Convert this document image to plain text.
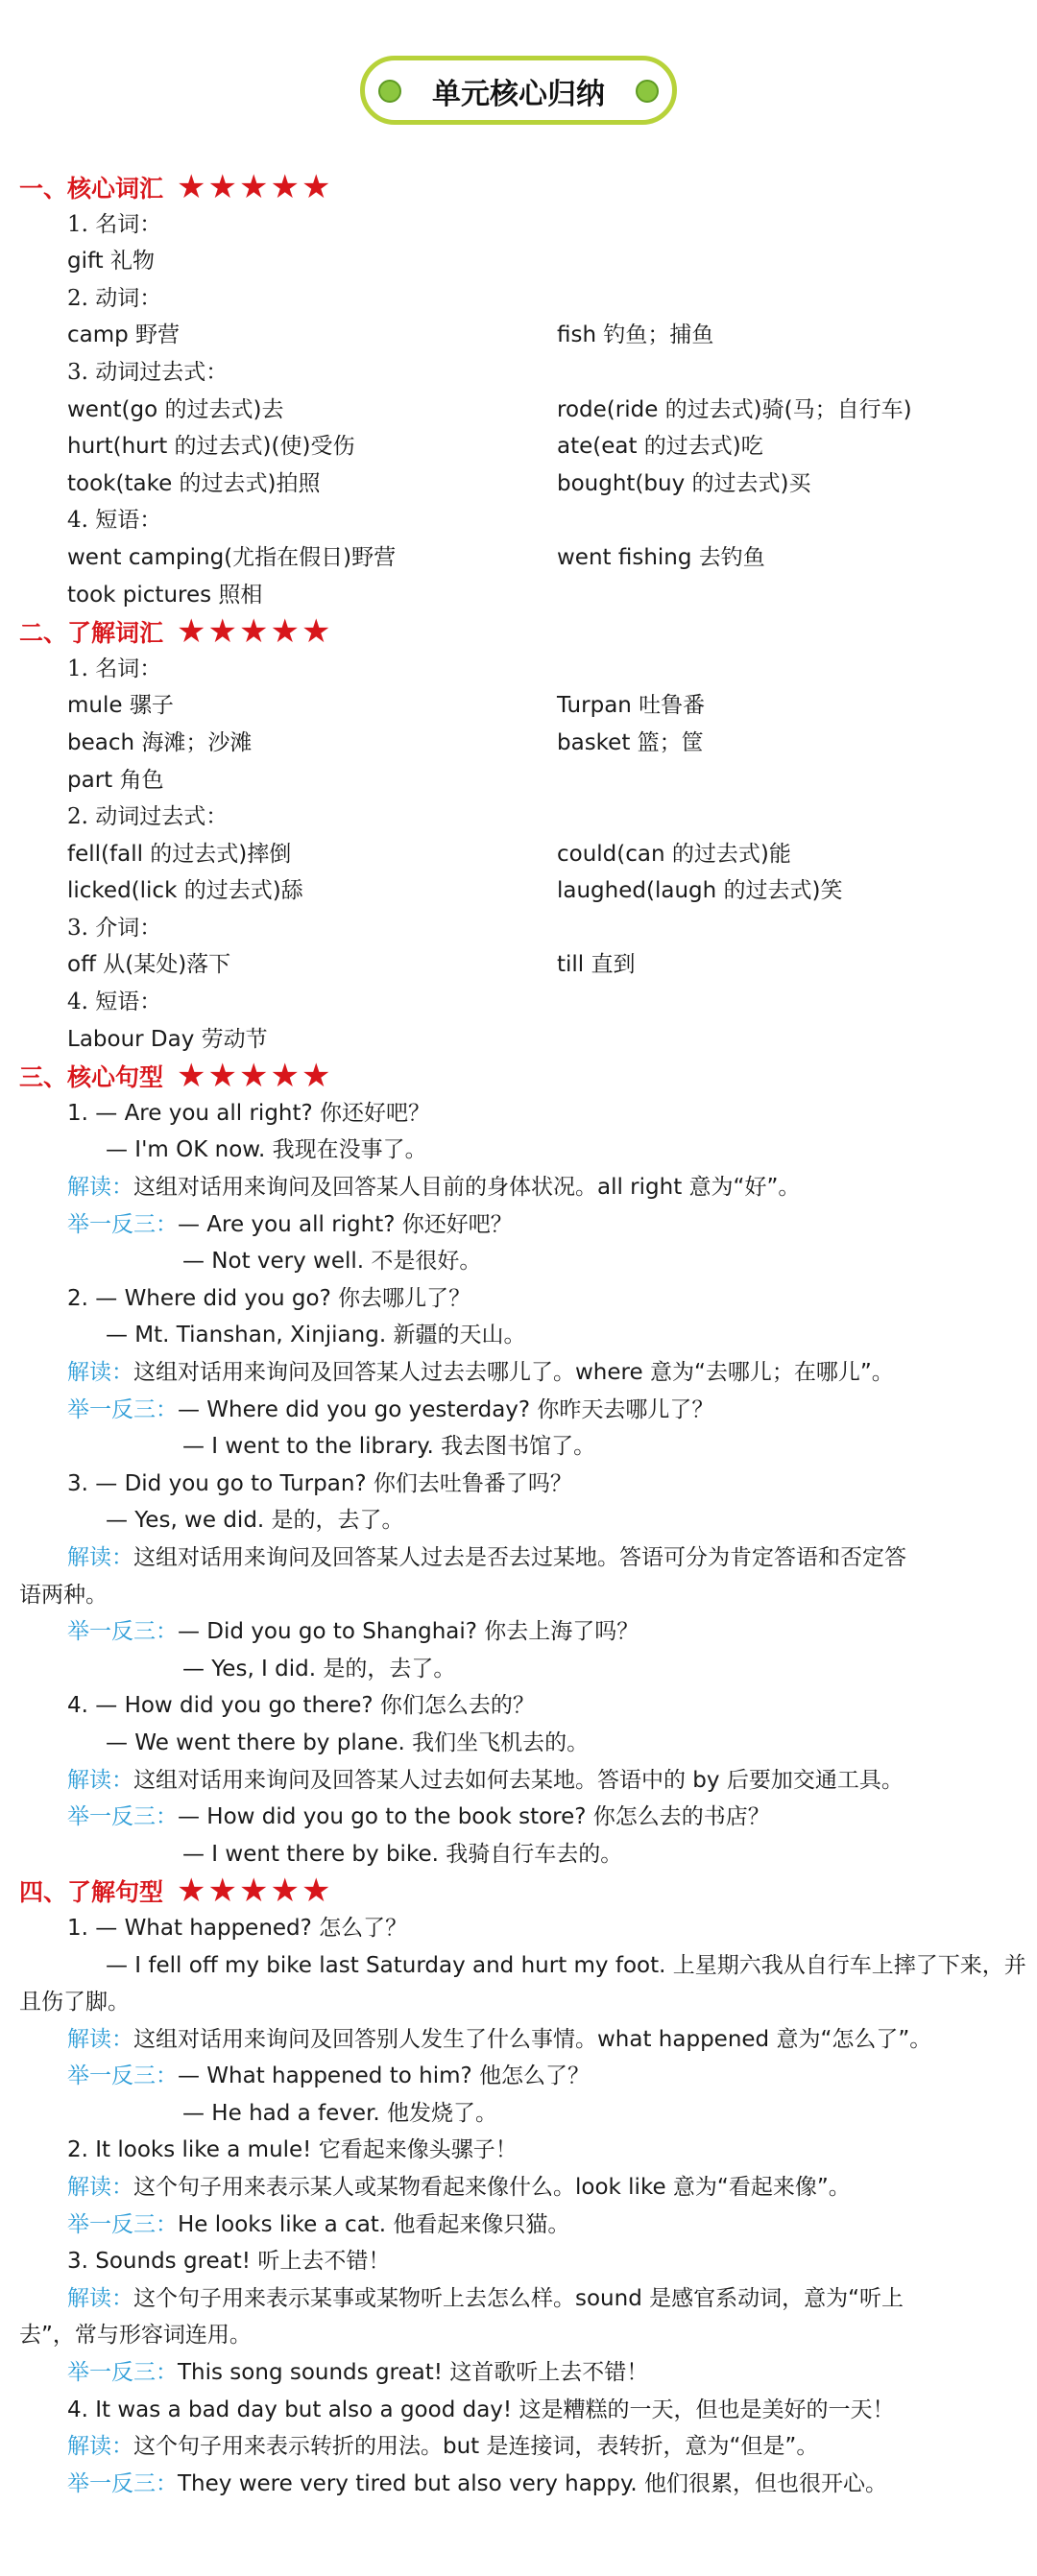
单元核心归纳
一、核心词汇 ★★★★★
1. 名词：
gift 礼物
2. 动词：
camp 野营	fish 钓鱼；捕鱼
3. 动词过去式：
went(go 的过去式)去	rode(ride 的过去式)骑(马；自行车)
hurt(hurt 的过去式)(使)受伤	ate(eat 的过去式)吃
took(take 的过去式)拍照	bought(buy 的过去式)买
4. 短语：
went camping(尤指在假日)野营	went fishing 去钓鱼
took pictures 照相
二、了解词汇 ★★★★★
1. 名词：
mule 骡子	Turpan 吐鲁番
beach 海滩；沙滩	basket 篮；筐
part 角色
2. 动词过去式：
fell(fall 的过去式)摔倒	could(can 的过去式)能
licked(lick 的过去式)舔	laughed(laugh 的过去式)笑
3. 介词：
off 从(某处)落下	till 直到
4. 短语：
Labour Day 劳动节
三、核心句型 ★★★★★
1. — Are you all right? 你还好吧？
— I'm OK now. 我现在没事了。
解读：这组对话用来询问及回答某人目前的身体状况。all right 意为“好”。
举一反三：— Are you all right? 你还好吧？
— Not very well. 不是很好。
2. — Where did you go? 你去哪儿了？
— Mt. Tianshan, Xinjiang. 新疆的天山。
解读：这组对话用来询问及回答某人过去去哪儿了。where 意为“去哪儿；在哪儿”。
举一反三：— Where did you go yesterday? 你昨天去哪儿了？
— I went to the library. 我去图书馆了。
3. — Did you go to Turpan? 你们去吐鲁番了吗？
— Yes, we did. 是的，去了。
解读：这组对话用来询问及回答某人过去是否去过某地。答语可分为肯定答语和否定答
语两种。
举一反三：— Did you go to Shanghai? 你去上海了吗？
— Yes, I did. 是的，去了。
4. — How did you go there? 你们怎么去的？
— We went there by plane. 我们坐飞机去的。
解读：这组对话用来询问及回答某人过去如何去某地。答语中的 by 后要加交通工具。
举一反三：— How did you go to the book store? 你怎么去的书店？
— I went there by bike. 我骑自行车去的。
四、了解句型 ★★★★★
1. — What happened? 怎么了？
— I fell off my bike last Saturday and hurt my foot. 上星期六我从自行车上摔了下来，并
且伤了脚。
解读：这组对话用来询问及回答别人发生了什么事情。what happened 意为“怎么了”。
举一反三：— What happened to him? 他怎么了？
— He had a fever. 他发烧了。
2. It looks like a mule! 它看起来像头骡子！
解读：这个句子用来表示某人或某物看起来像什么。look like 意为“看起来像”。
举一反三：He looks like a cat. 他看起来像只猫。
3. Sounds great! 听上去不错！
解读：这个句子用来表示某事或某物听上去怎么样。sound 是感官系动词，意为“听上
去”，常与形容词连用。
举一反三：This song sounds great! 这首歌听上去不错！
4. It was a bad day but also a good day! 这是糟糕的一天，但也是美好的一天！
解读：这个句子用来表示转折的用法。but 是连接词，表转折，意为“但是”。
举一反三：They were very tired but also very happy. 他们很累，但也很开心。
